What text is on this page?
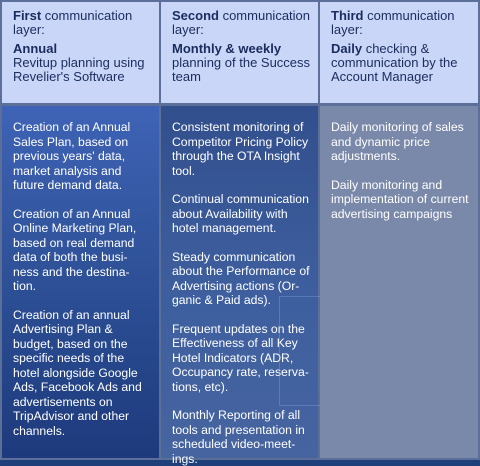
First communication layer:
Annual
Revitup planning using Revelier's Software

Creation of an Annual Sales Plan, based on previous years' data, market analysis and future demand data.

Creation of an Annual Online Marketing Plan, based on real demand data of both the busi-ness and the destina-tion.

Creation of an annual Advertising Plan & budget, based on the specific needs of the hotel alongside Google Ads, Facebook Ads and advertisements on TripAdvisor and other channels.

Second communication layer:
Monthly & weekly
planning of the Success team

Consistent monitoring of Competitor Pricing Policy through the OTA Insight tool.

Continual communication about Availability with hotel management.

Steady communication about the Performance of Advertising actions (Or-ganic & Paid ads).

Frequent updates on the Effectiveness of all Key Hotel Indicators (ADR, Occupancy rate, reserva-tions, etc).

Monthly Reporting of all tools and presentation in scheduled video-meet-ings.

Third communication layer:
Daily checking & communication by the Account Manager

Daily monitoring of sales and dynamic price adjustments.

Daily monitoring and implementation of current advertising campaigns
